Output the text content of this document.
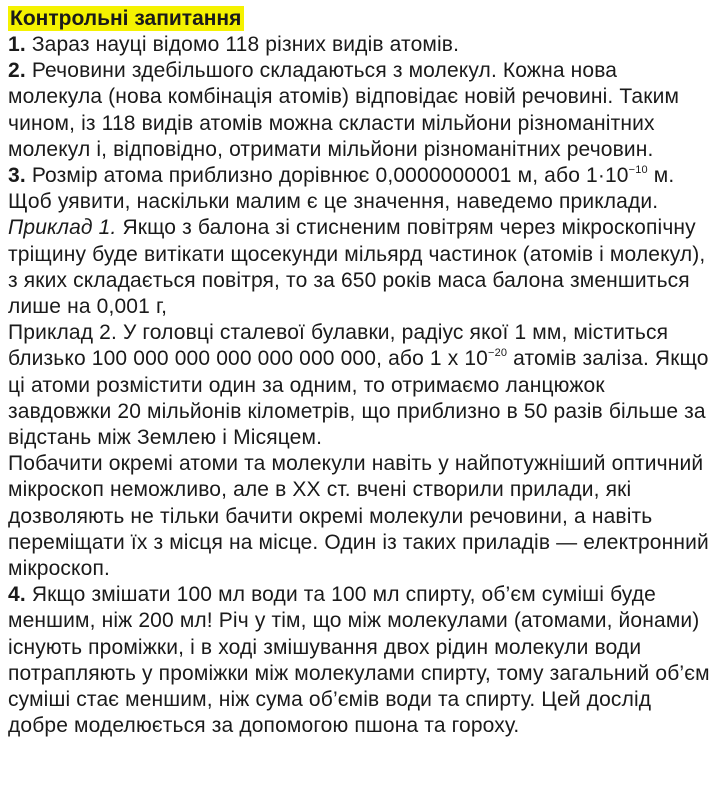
Контрольні запитання

1. Зараз науці відомо 118 різних видів атомів.

2. Речовини здебільшого складаються з молекул. Кожна нова молекула (нова комбінація атомів) відповідає новій речовині. Таким чином, із 118 видів атомів можна скласти мільйони різноманітних молекул і, відповідно, отримати мільйони різноманітних речовин.

3. Розмір атома приблизно дорівнює 0,0000000001 м, або $1\cdot 10^{-10}$ м. Щоб уявити, наскільки малим є це значення, наведемо приклади.

Приклад 1. Якщо з балона зі стисненим повітрям через мікроскопічну тріщину буде витікати щосекунди мільярд частинок (атомів і молекул), з яких складається повітря, то за 650 років маса балона зменшиться лише на 0,001 г,

Приклад 2. У головці сталевої булавки, радіус якої 1 мм, міститься близько 100 000 000 000 000 000 000, або 1 х $10^{-20}$ атомів заліза. Якщо ці атоми розмістити один за одним, то отримаємо ланцюжок завдовжки 20 мільйонів кілометрів, що приблизно в 50 разів більше за відстань між Землею і Місяцем.

Побачити окремі атоми та молекули навіть у найпотужніший оптичний мікроскоп неможливо, але в XX ст. вчені створили прилади, які дозволяють не тільки бачити окремі молекули речовини, а навіть переміщати їх з місця на місце. Один із таких приладів — електронний мікроскоп.

4. Якщо змішати 100 мл води та 100 мл спирту, об’єм суміші буде меншим, ніж 200 мл! Річ у тім, що між молекулами (атомами, йонами) існують проміжки, і в ході змішування двох рідин молекули води потрапляють у проміжки між молекулами спирту, тому загальний об’єм суміші стає меншим, ніж сума об’ємів води та спирту. Цей дослід добре моделюється за допомогою пшона та гороху.
